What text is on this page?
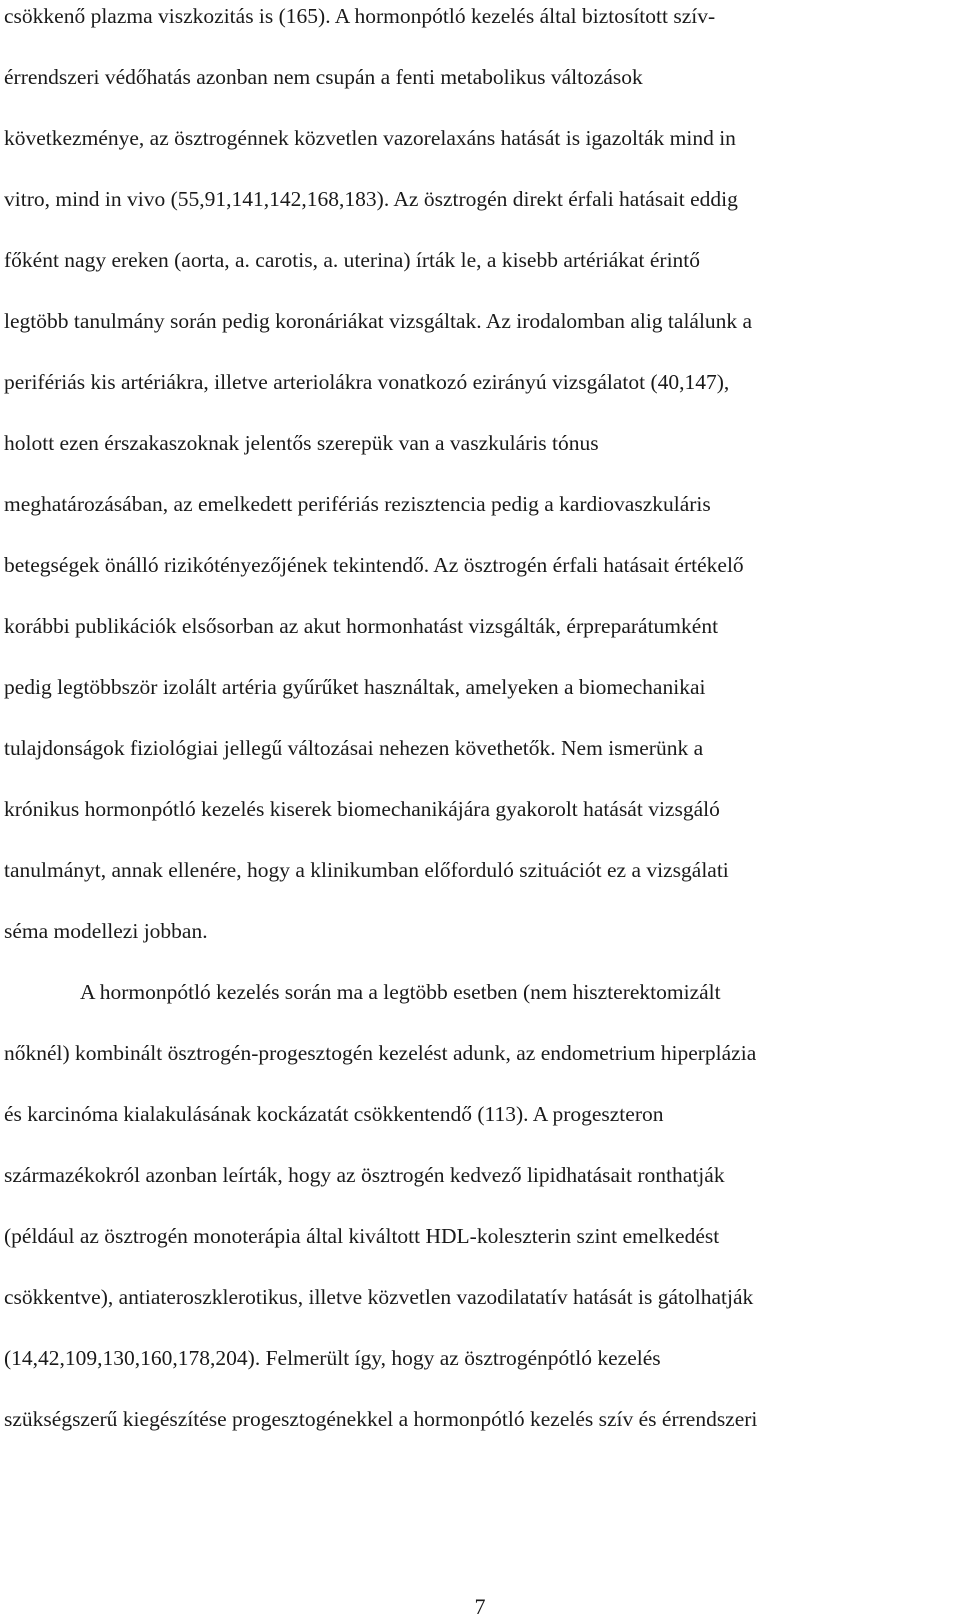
csökkenő plazma viszkozitás is (165). A hormonpótló kezelés által biztosított szív-
érrendszeri védőhatás azonban nem csupán a fenti metabolikus változások
következménye, az ösztrogénnek közvetlen vazorelaxáns hatását is igazolták mind in
vitro, mind in vivo (55,91,141,142,168,183). Az ösztrogén direkt érfali hatásait eddig
főként nagy ereken (aorta, a. carotis, a. uterina) írták le, a kisebb artériákat érintő
legtöbb tanulmány során pedig koronáriákat vizsgáltak. Az irodalomban alig találunk a
perifériás kis artériákra, illetve arteriolákra vonatkozó ezirányú vizsgálatot (40,147),
holott ezen érszakaszoknak jelentős szerepük van a vaszkuláris tónus
meghatározásában, az emelkedett perifériás rezisztencia pedig a kardiovaszkuláris
betegségek önálló rizikótényezőjének tekintendő. Az ösztrogén érfali hatásait értékelő
korábbi publikációk elsősorban az akut hormonhatást vizsgálták, érpreparátumként
pedig legtöbbször izolált artéria gyűrűket használtak, amelyeken a biomechanikai
tulajdonságok fiziológiai jellegű változásai nehezen követhetők. Nem ismerünk a
krónikus hormonpótló kezelés kiserek biomechanikájára gyakorolt hatását vizsgáló
tanulmányt, annak ellenére, hogy a klinikumban előforduló szituációt ez a vizsgálati
séma modellezi jobban.
A hormonpótló kezelés során ma a legtöbb esetben (nem hiszterektomizált
nőknél) kombinált ösztrogén-progesztogén kezelést adunk, az endometrium hiperplázia
és karcinóma kialakulásának kockázatát csökkentendő (113). A progeszteron
származékokról azonban leírták, hogy az ösztrogén kedvező lipidhatásait ronthatják
(például az ösztrogén monoterápia által kiváltott HDL-koleszterin szint emelkedést
csökkentve), antiateroszklerotikus, illetve közvetlen vazodilatatív hatását is gátolhatják
(14,42,109,130,160,178,204). Felmerült így, hogy az ösztrogénpótló kezelés
szükségszerű kiegészítése progesztogénekkel a hormonpótló kezelés szív és érrendszeri
7
